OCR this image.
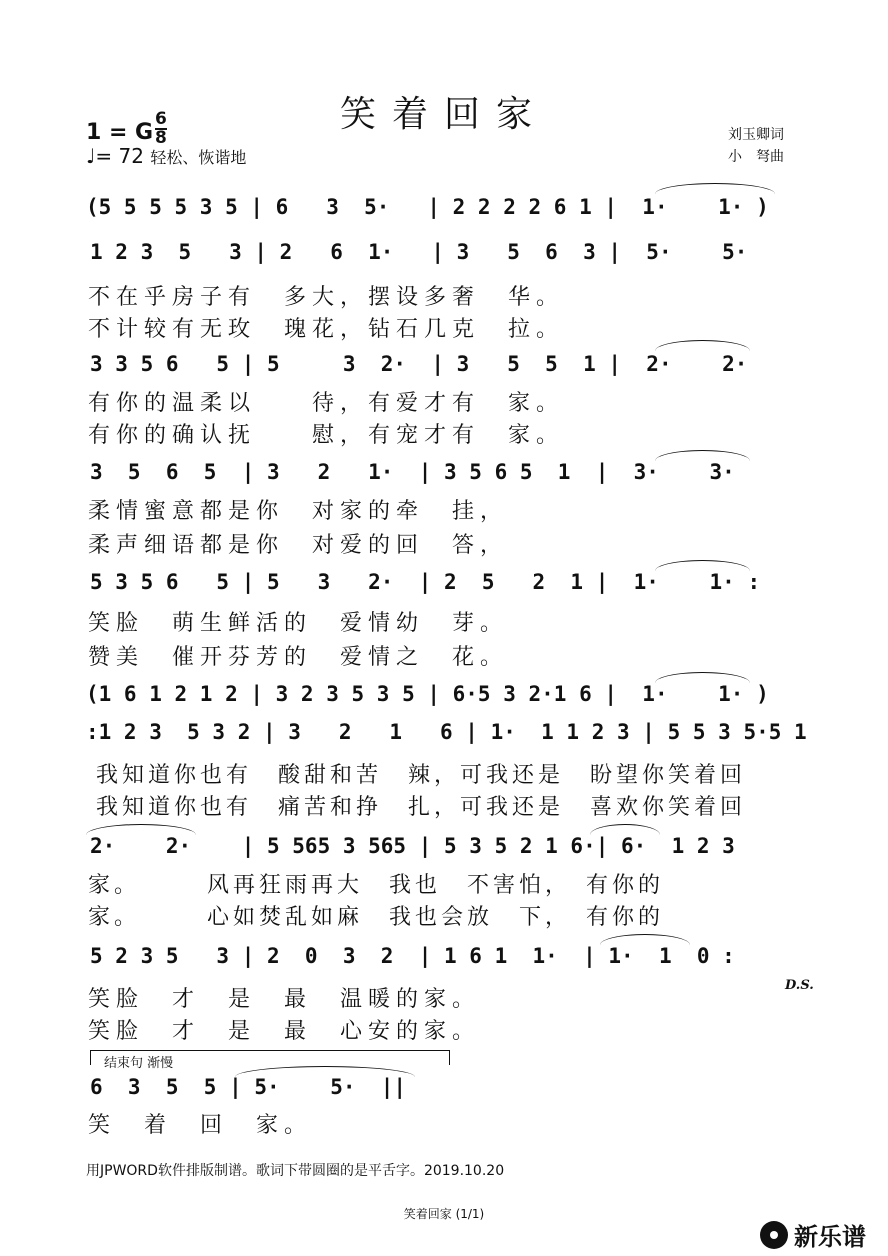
笑着回家
1 = G
6
8
♩= 72 轻松、恢谐地
刘玉卿词
小　弩曲
(5 5 5 5 3 5 | 6   3  5·   | 2 2 2 2 6 1 |  1·    1· )
1 2 3  5   3 | 2   6  1·   | 3   5  6  3 |  5·    5·
不在乎房子有　多大，摆设多奢　华。
不计较有无玫　瑰花，钻石几克　拉。
3 3 5 6   5 | 5     3  2·  | 3   5  5  1 |  2·    2·
有你的温柔以　　待，有爱才有　家。
有你的确认抚　　慰，有宠才有　家。
3  5  6  5  | 3   2   1·  | 3 5 6 5  1  |  3·    3·
柔情蜜意都是你　对家的牵　挂，
柔声细语都是你　对爱的回　答，
5 3 5 6   5 | 5   3   2·  | 2  5   2  1 |  1·    1· :
笑脸　萌生鲜活的　爱情幼　芽。
赞美　催开芬芳的　爱情之　花。
(1 6 1 2 1 2 | 3 2 3 5 3 5 | 6·5 3 2·1 6 |  1·    1· )
:1 2 3  5 3 2 | 3   2   1   6 | 1·  1 1 2 3 | 5 5 3 5·5 1
我知道你也有　酸甜和苦　辣，可我还是　盼望你笑着回
我知道你也有　痛苦和挣　扎，可我还是　喜欢你笑着回
2·    2·    | 5 565 3 565 | 5 3 5 2 1 6·| 6·  1 2 3
家。　　　风再狂雨再大　我也　不害怕，　有你的
家。　　　心如焚乱如麻　我也会放　下，　有你的
5 2 3 5   3 | 2  0  3  2  | 1 6 1  1·  | 1·  1  0 :
D.S.
笑脸　才　是　最　温暖的家。
笑脸　才　是　最　心安的家。
结束句 渐慢
6  3  5  5 | 5·    5·  ||
笑　着　回　家。
用JPWORD软件排版制谱。歌词下带圆圈的是平舌字。2019.10.20
笑着回家 (1/1)
新乐谱
